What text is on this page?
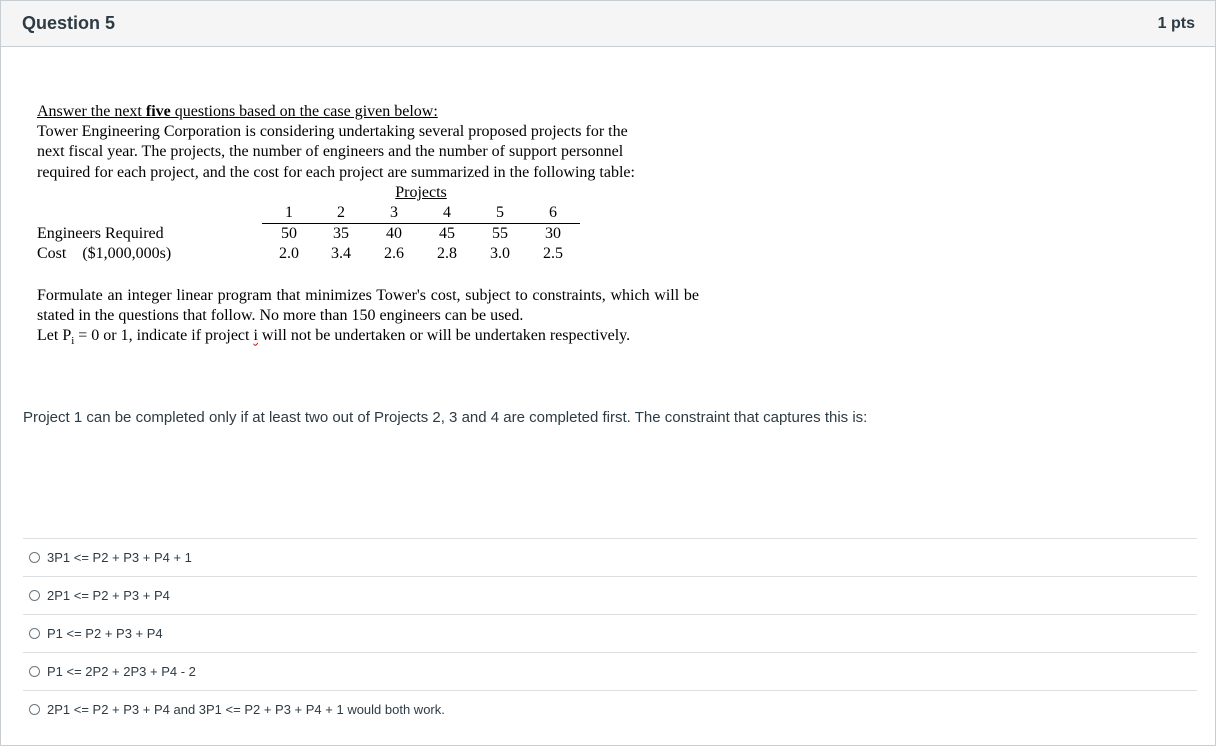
Question 5	1 pts
Answer the next five questions based on the case given below:
Tower Engineering Corporation is considering undertaking several proposed projects for the
next fiscal year. The projects, the number of engineers and the number of support personnel
required for each project, and the cost for each project are summarized in the following table:
Projects
1	2	3	4	5	6
Engineers Required	50	35	40	45	55	30
Cost    ($1,000,000s)	2.0	3.4	2.6	2.8	3.0	2.5
Formulate an integer linear program that minimizes Tower's cost, subject to constraints, which will be stated in the questions that follow. No more than 150 engineers can be used.
Let $P_i = 0$ or 1, indicate if project i will not be undertaken or will be undertaken respectively.
Project 1 can be completed only if at least two out of Projects 2, 3 and 4 are completed first. The constraint that captures this is:
3P1 <= P2 + P3 + P4 + 1
2P1 <= P2 + P3 + P4
P1 <= P2 + P3 + P4
P1 <= 2P2 + 2P3 + P4 - 2
2P1 <= P2 + P3 + P4 and 3P1 <= P2 + P3 + P4 + 1 would both work.
